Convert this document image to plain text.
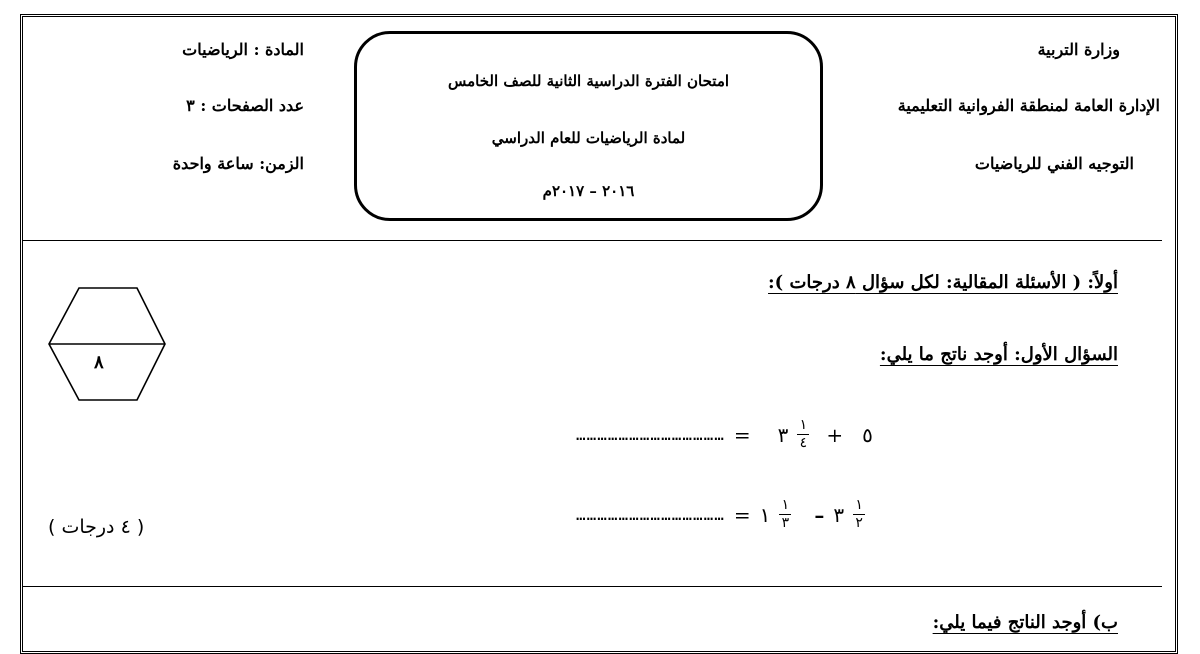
وزارة التربية
الإدارة العامة لمنطقة الفروانية التعليمية
التوجيه الفني للرياضيات
امتحان الفترة الدراسية الثانية للصف الخامس
لمادة الرياضيات للعام الدراسي
٢٠١٦ – ٢٠١٧م
المادة : الرياضيات
عدد الصفحات : ٣
الزمن: ساعة واحدة
٨
أولاً: ( الأسئلة المقالية: لكل سؤال ٨ درجات ):
السؤال الأول: أوجد ناتج ما يلي:
…………………………………… = ٣ $\frac{١}{٤}$ + ٥
…………………………………… = ١ $\frac{١}{٣}$ – ٣ $\frac{١}{٢}$
( ٤ درجات )
ب) أوجد الناتج فيما يلي:
